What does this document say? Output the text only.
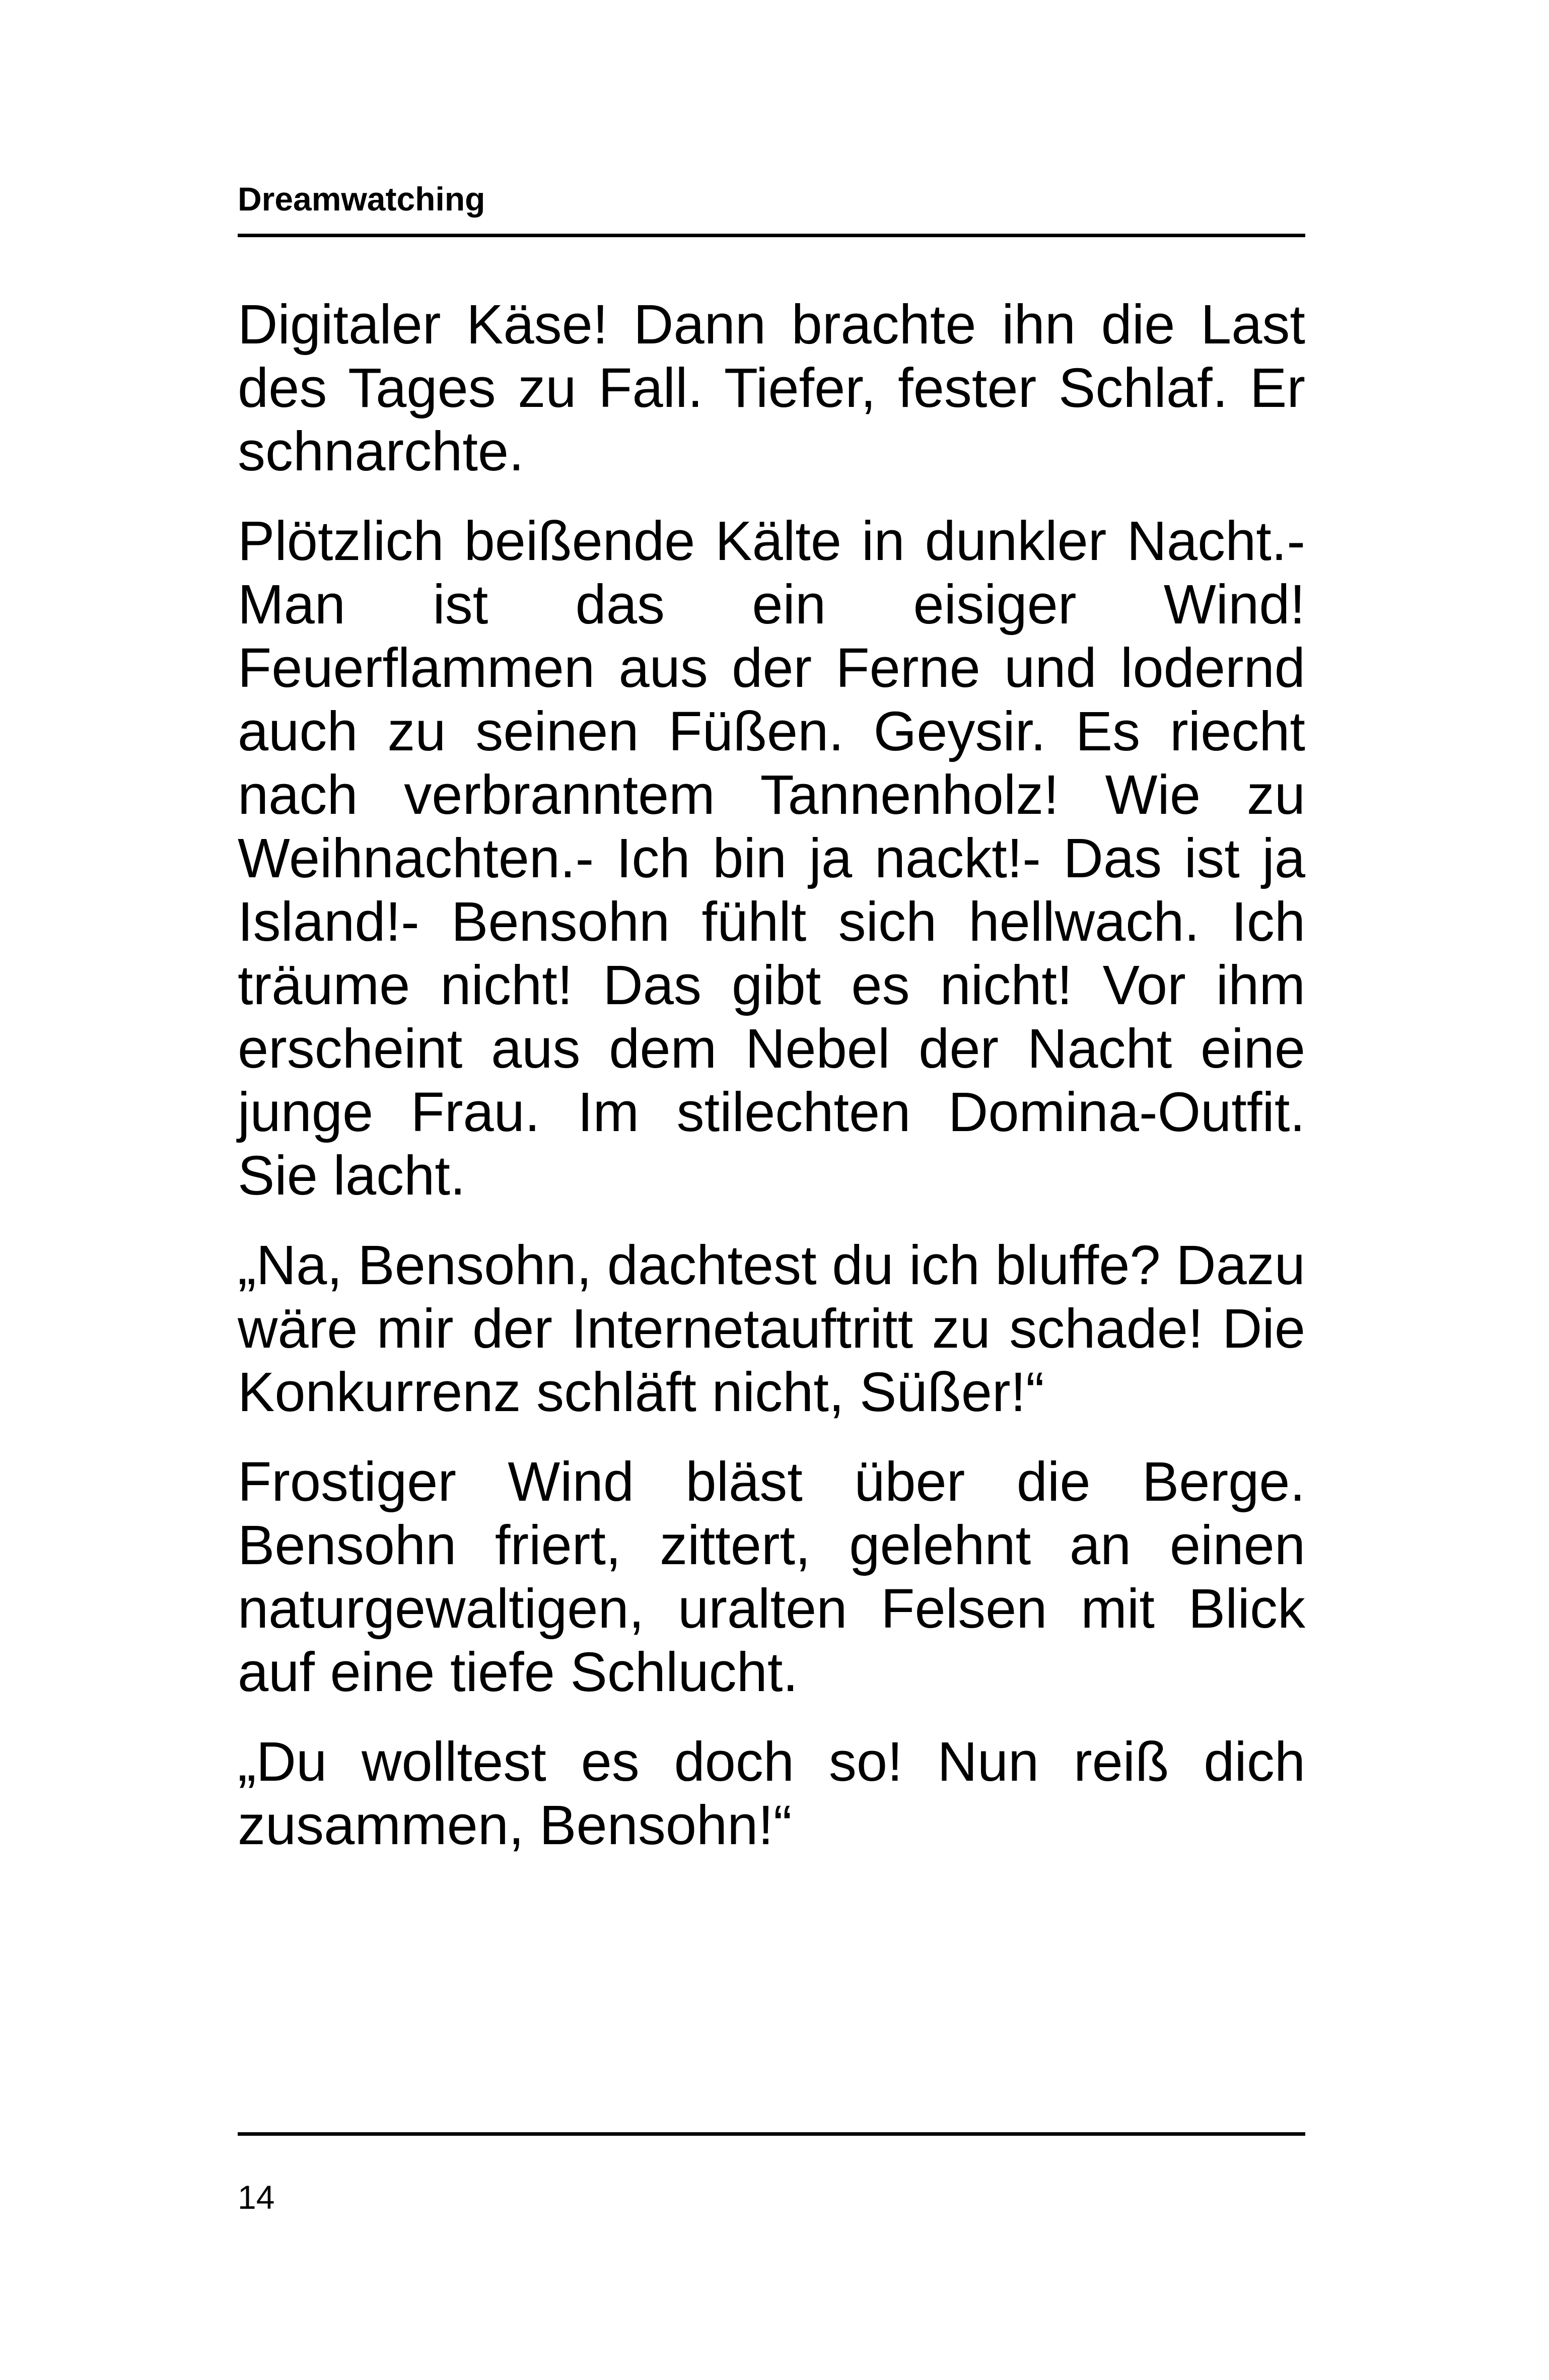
Dreamwatching

Digitaler Käse! Dann brachte ihn die Last des Tages zu Fall. Tiefer, fester Schlaf. Er schnarchte.

Plötzlich beißende Kälte in dunkler Nacht.- Man ist das ein eisiger Wind! Feuerflammen aus der Ferne und lodernd auch zu seinen Füßen. Geysir. Es riecht nach verbranntem Tannenholz! Wie zu Weihnachten.- Ich bin ja nackt!- Das ist ja Island!- Bensohn fühlt sich hellwach. Ich träume nicht! Das gibt es nicht! Vor ihm erscheint aus dem Nebel der Nacht eine junge Frau. Im stilechten Domina-Outfit. Sie lacht.

„Na, Bensohn, dachtest du ich bluffe? Dazu wäre mir der Internetauftritt zu schade! Die Konkurrenz schläft nicht, Süßer!“

Frostiger Wind bläst über die Berge. Bensohn friert, zittert, gelehnt an einen naturgewaltigen, uralten Felsen mit Blick auf eine tiefe Schlucht.

„Du wolltest es doch so! Nun reiß dich zusammen, Bensohn!“

14
